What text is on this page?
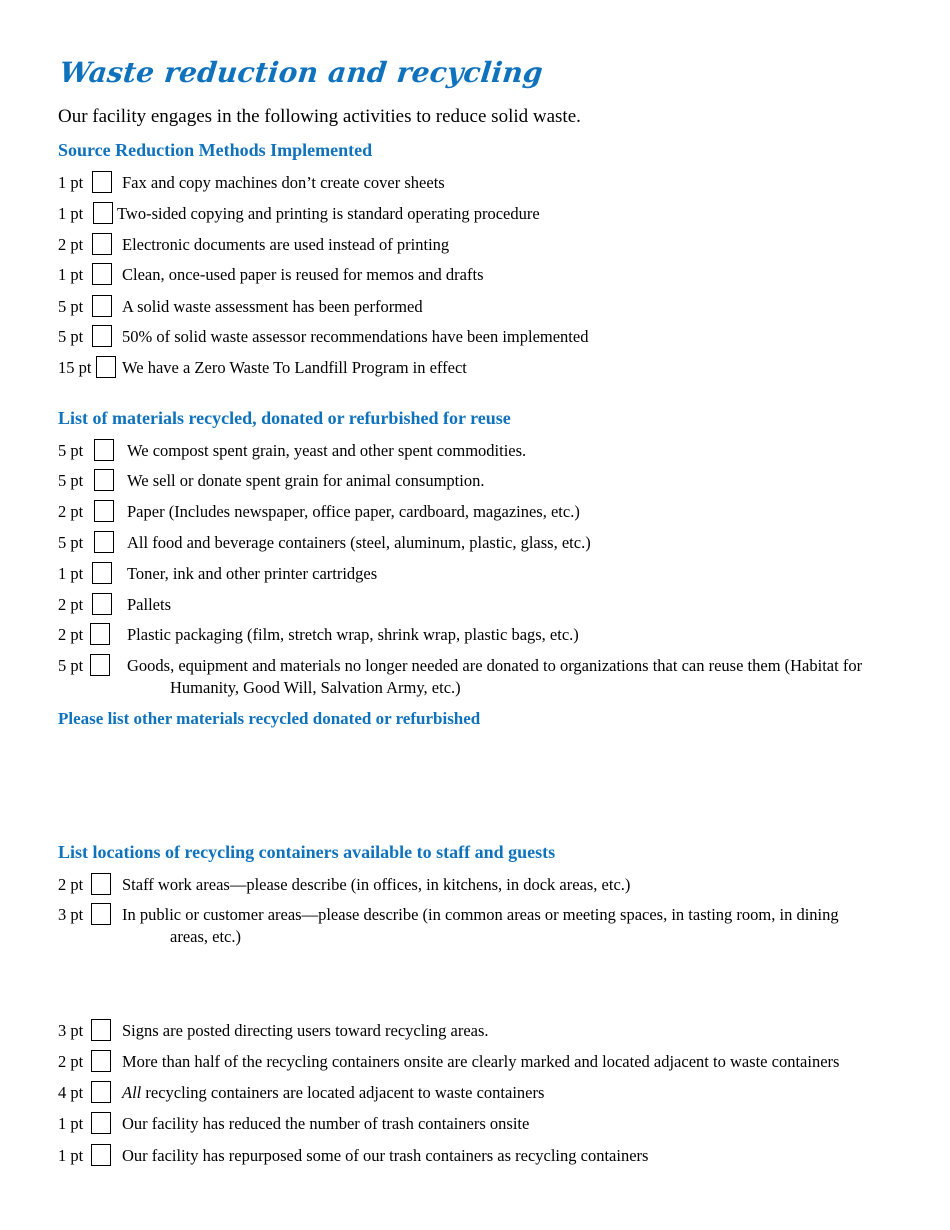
Waste reduction and recycling
Our facility engages in the following activities to reduce solid waste.
Source Reduction Methods Implemented
1 pt Fax and copy machines don’t create cover sheets
1 pt Two-sided copying and printing is standard operating procedure
2 pt Electronic documents are used instead of printing
1 pt Clean, once-used paper is reused for memos and drafts
5 pt A solid waste assessment has been performed
5 pt 50% of solid waste assessor recommendations have been implemented
15 pt We have a Zero Waste To Landfill Program in effect
List of materials recycled, donated or refurbished for reuse
5 pt	We compost spent grain, yeast and other spent commodities.
5 pt	We sell or donate spent grain for animal consumption.
2 pt	Paper (Includes newspaper, office paper, cardboard, magazines, etc.)
5 pt	All food and beverage containers (steel, aluminum, plastic, glass, etc.)
1 pt	Toner, ink and other printer cartridges
2 pt	Pallets
2 pt	Plastic packaging (film, stretch wrap, shrink wrap, plastic bags, etc.)
5 pt	Goods, equipment and materials no longer needed are donated to organizations that can reuse them (Habitat for
Humanity, Good Will, Salvation Army, etc.)
Please list other materials recycled donated or refurbished
List locations of recycling containers available to staff and guests
2 pt Staff work areas—please describe (in offices, in kitchens, in dock areas, etc.)
3 pt In public or customer areas—please describe (in common areas or meeting spaces, in tasting room, in dining
areas, etc.)
3 pt Signs are posted directing users toward recycling areas.
2 pt More than half of the recycling containers onsite are clearly marked and located adjacent to waste containers
4 pt All recycling containers are located adjacent to waste containers
1 pt Our facility has reduced the number of trash containers onsite
1 pt Our facility has repurposed some of our trash containers as recycling containers
